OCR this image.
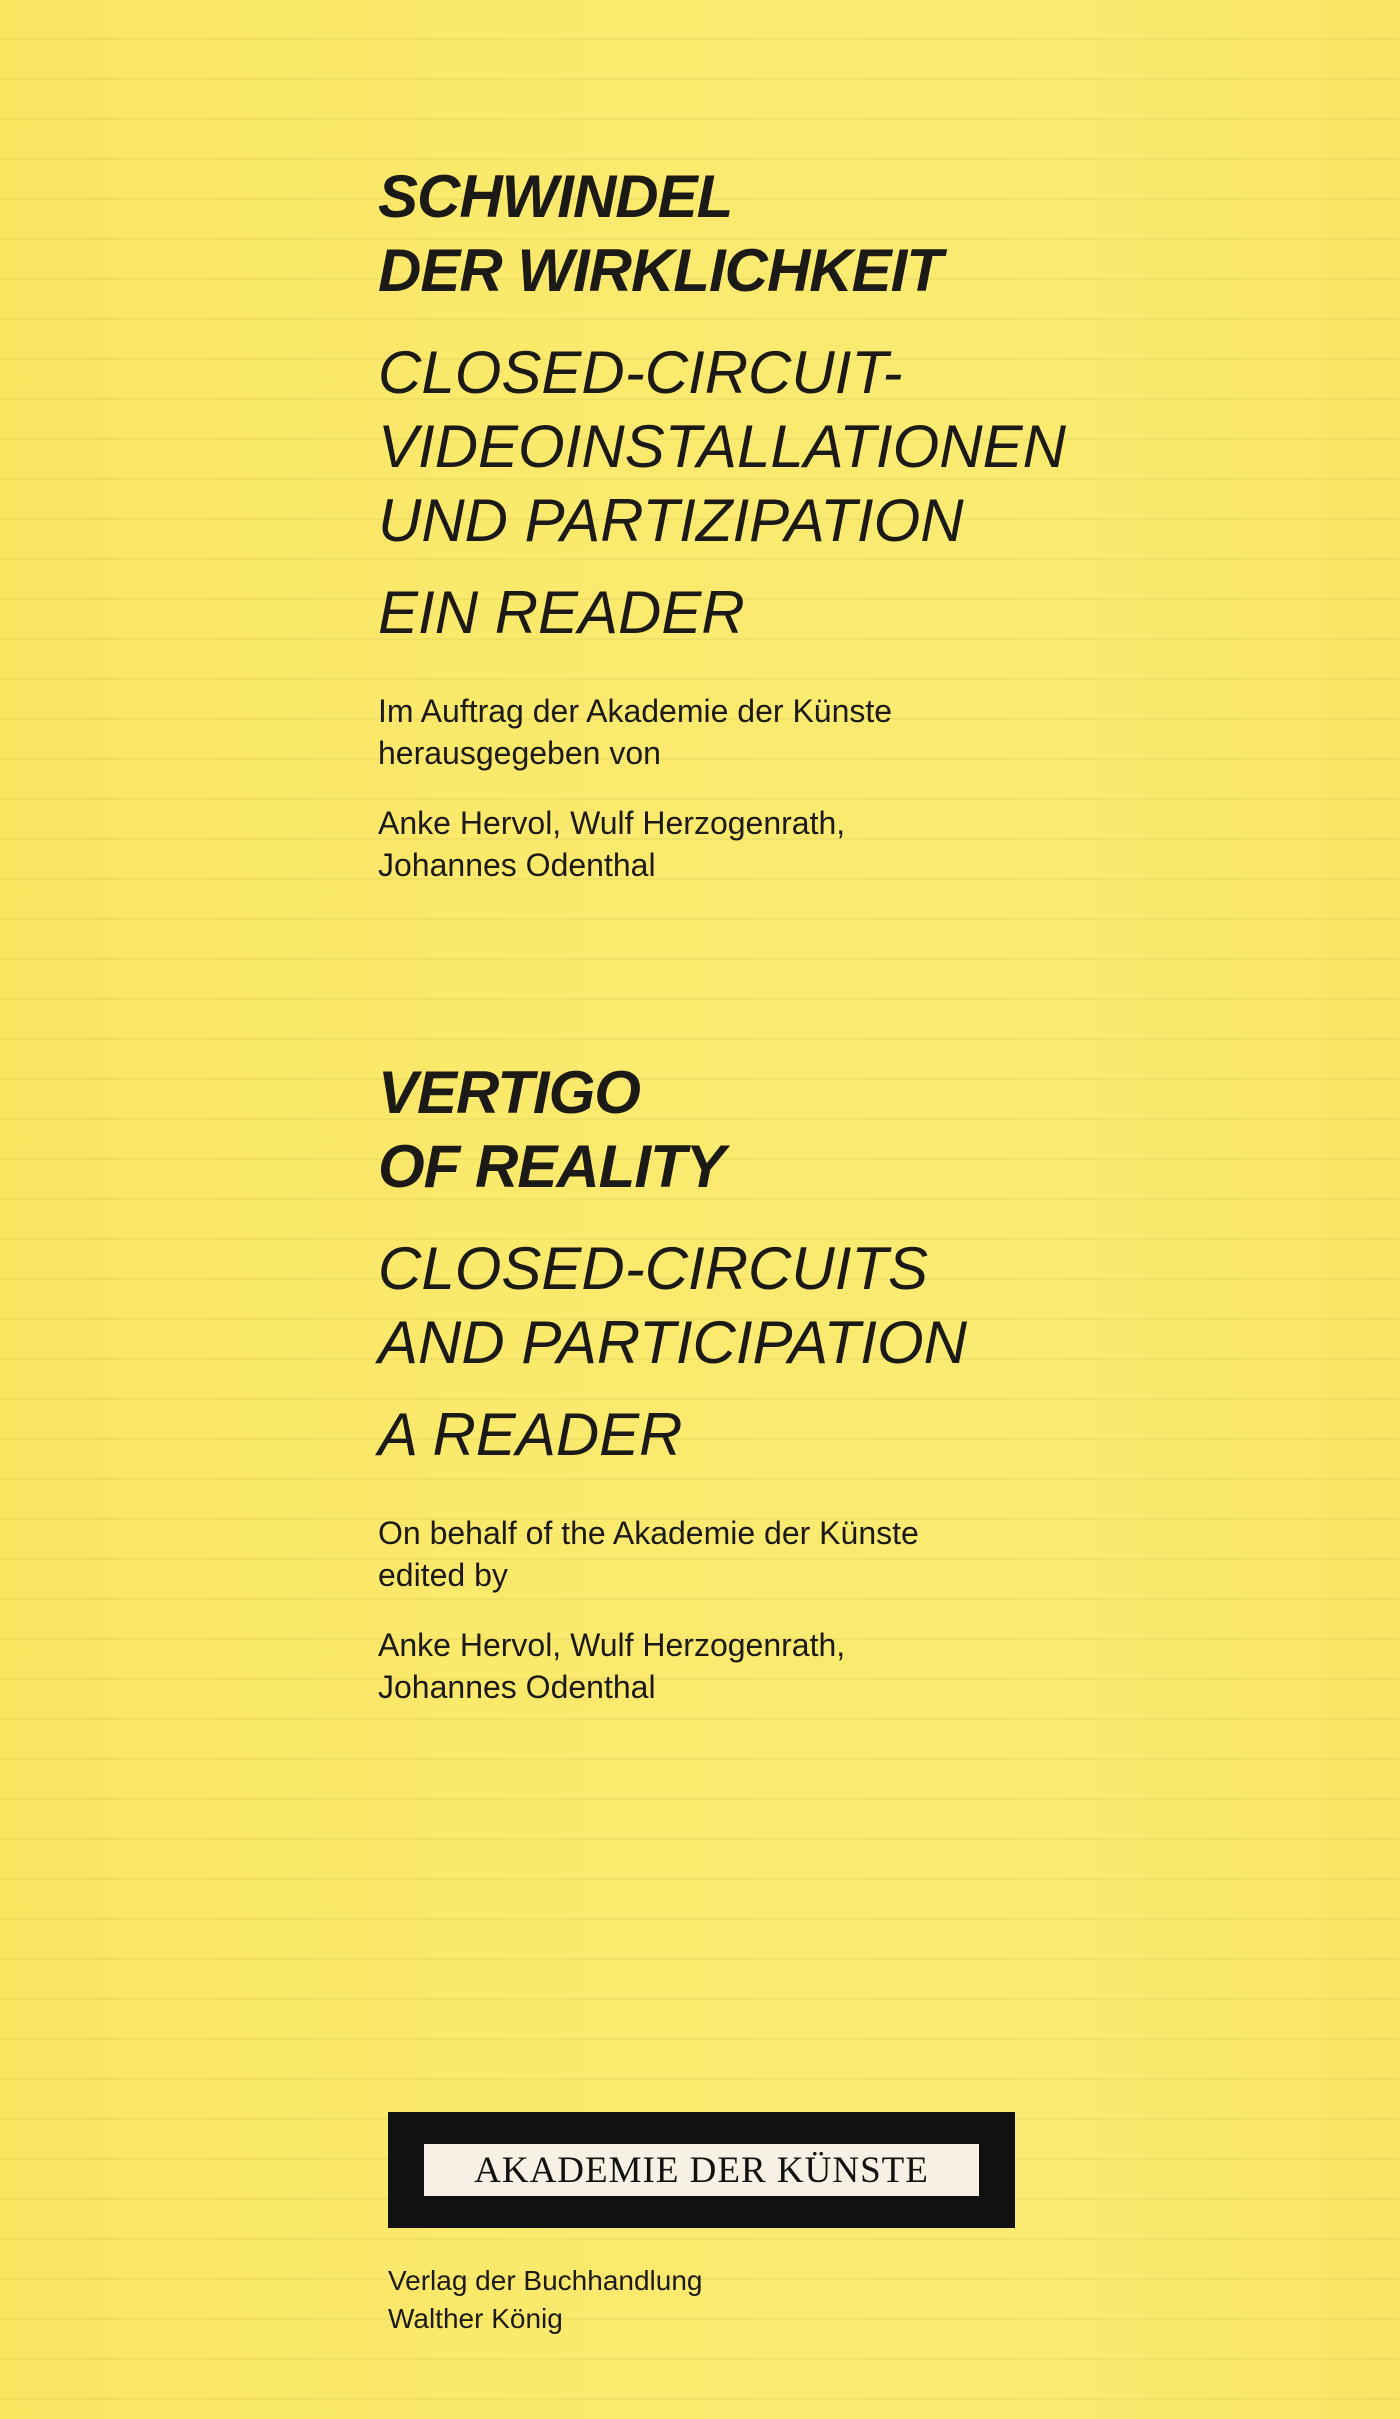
SCHWINDEL

DER WIRKLICHKEIT

CLOSED-CIRCUIT-

VIDEOINSTALLATIONEN

UND PARTIZIPATION

EIN READER

Im Auftrag der Akademie der Künste

herausgegeben von

Anke Hervol, Wulf Herzogenrath,

Johannes Odenthal

VERTIGO

OF REALITY

CLOSED-CIRCUITS

AND PARTICIPATION

A READER

On behalf of the Akademie der Künste

edited by

Anke Hervol, Wulf Herzogenrath,

Johannes Odenthal

AKADEMIE DER KÜNSTE

Verlag der Buchhandlung

Walther König
